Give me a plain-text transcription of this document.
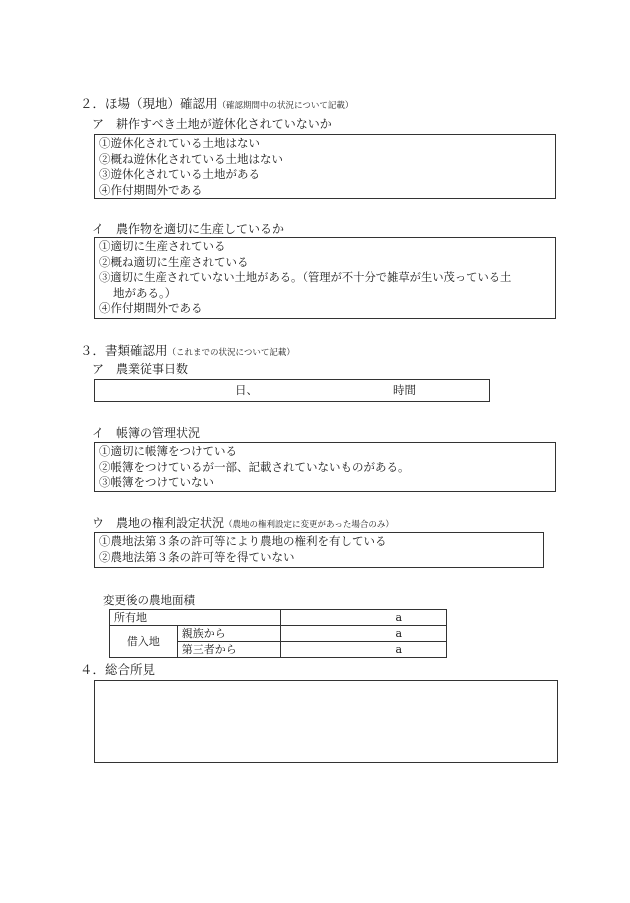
２．ほ場（現地）確認用（確認期間中の状況について記載）
ア　耕作すべき土地が遊休化されていないか
①遊休化されている土地はない
②概ね遊休化されている土地はない
③遊休化されている土地がある
④作付期間外である
イ　農作物を適切に生産しているか
①適切に生産されている
②概ね適切に生産されている
③適切に生産されていない土地がある。（管理が不十分で雑草が生い茂っている土
地がある。）
④作付期間外である
３．書類確認用（これまでの状況について記載）
ア　農業従事日数
日、	時間
イ　帳簿の管理状況
①適切に帳簿をつけている
②帳簿をつけているが一部、記載されていないものがある。
③帳簿をつけていない
ウ　農地の権利設定状況（農地の権利設定に変更があった場合のみ）
①農地法第３条の許可等により農地の権利を有している
②農地法第３条の許可等を得ていない
変更後の農地面積
所有地		a
借入地	親族から	a
	第三者から	a
４．総合所見
